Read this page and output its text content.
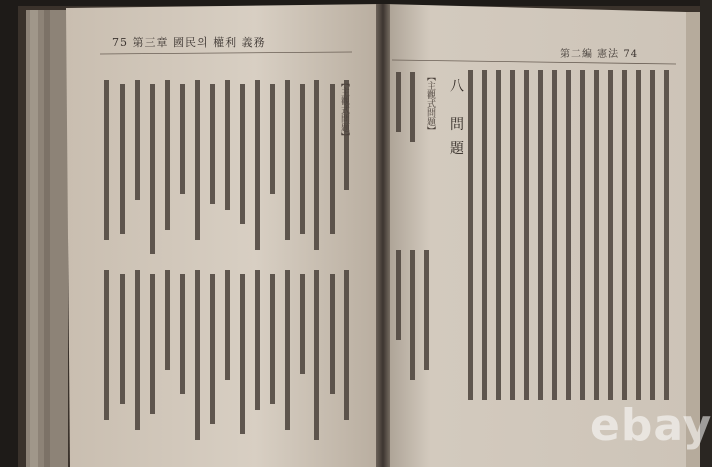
75 第三章 國民의 權利 義務
第二編 憲法 74
【主觀式問題】	【主觀式問題】 八 問題
ebay
